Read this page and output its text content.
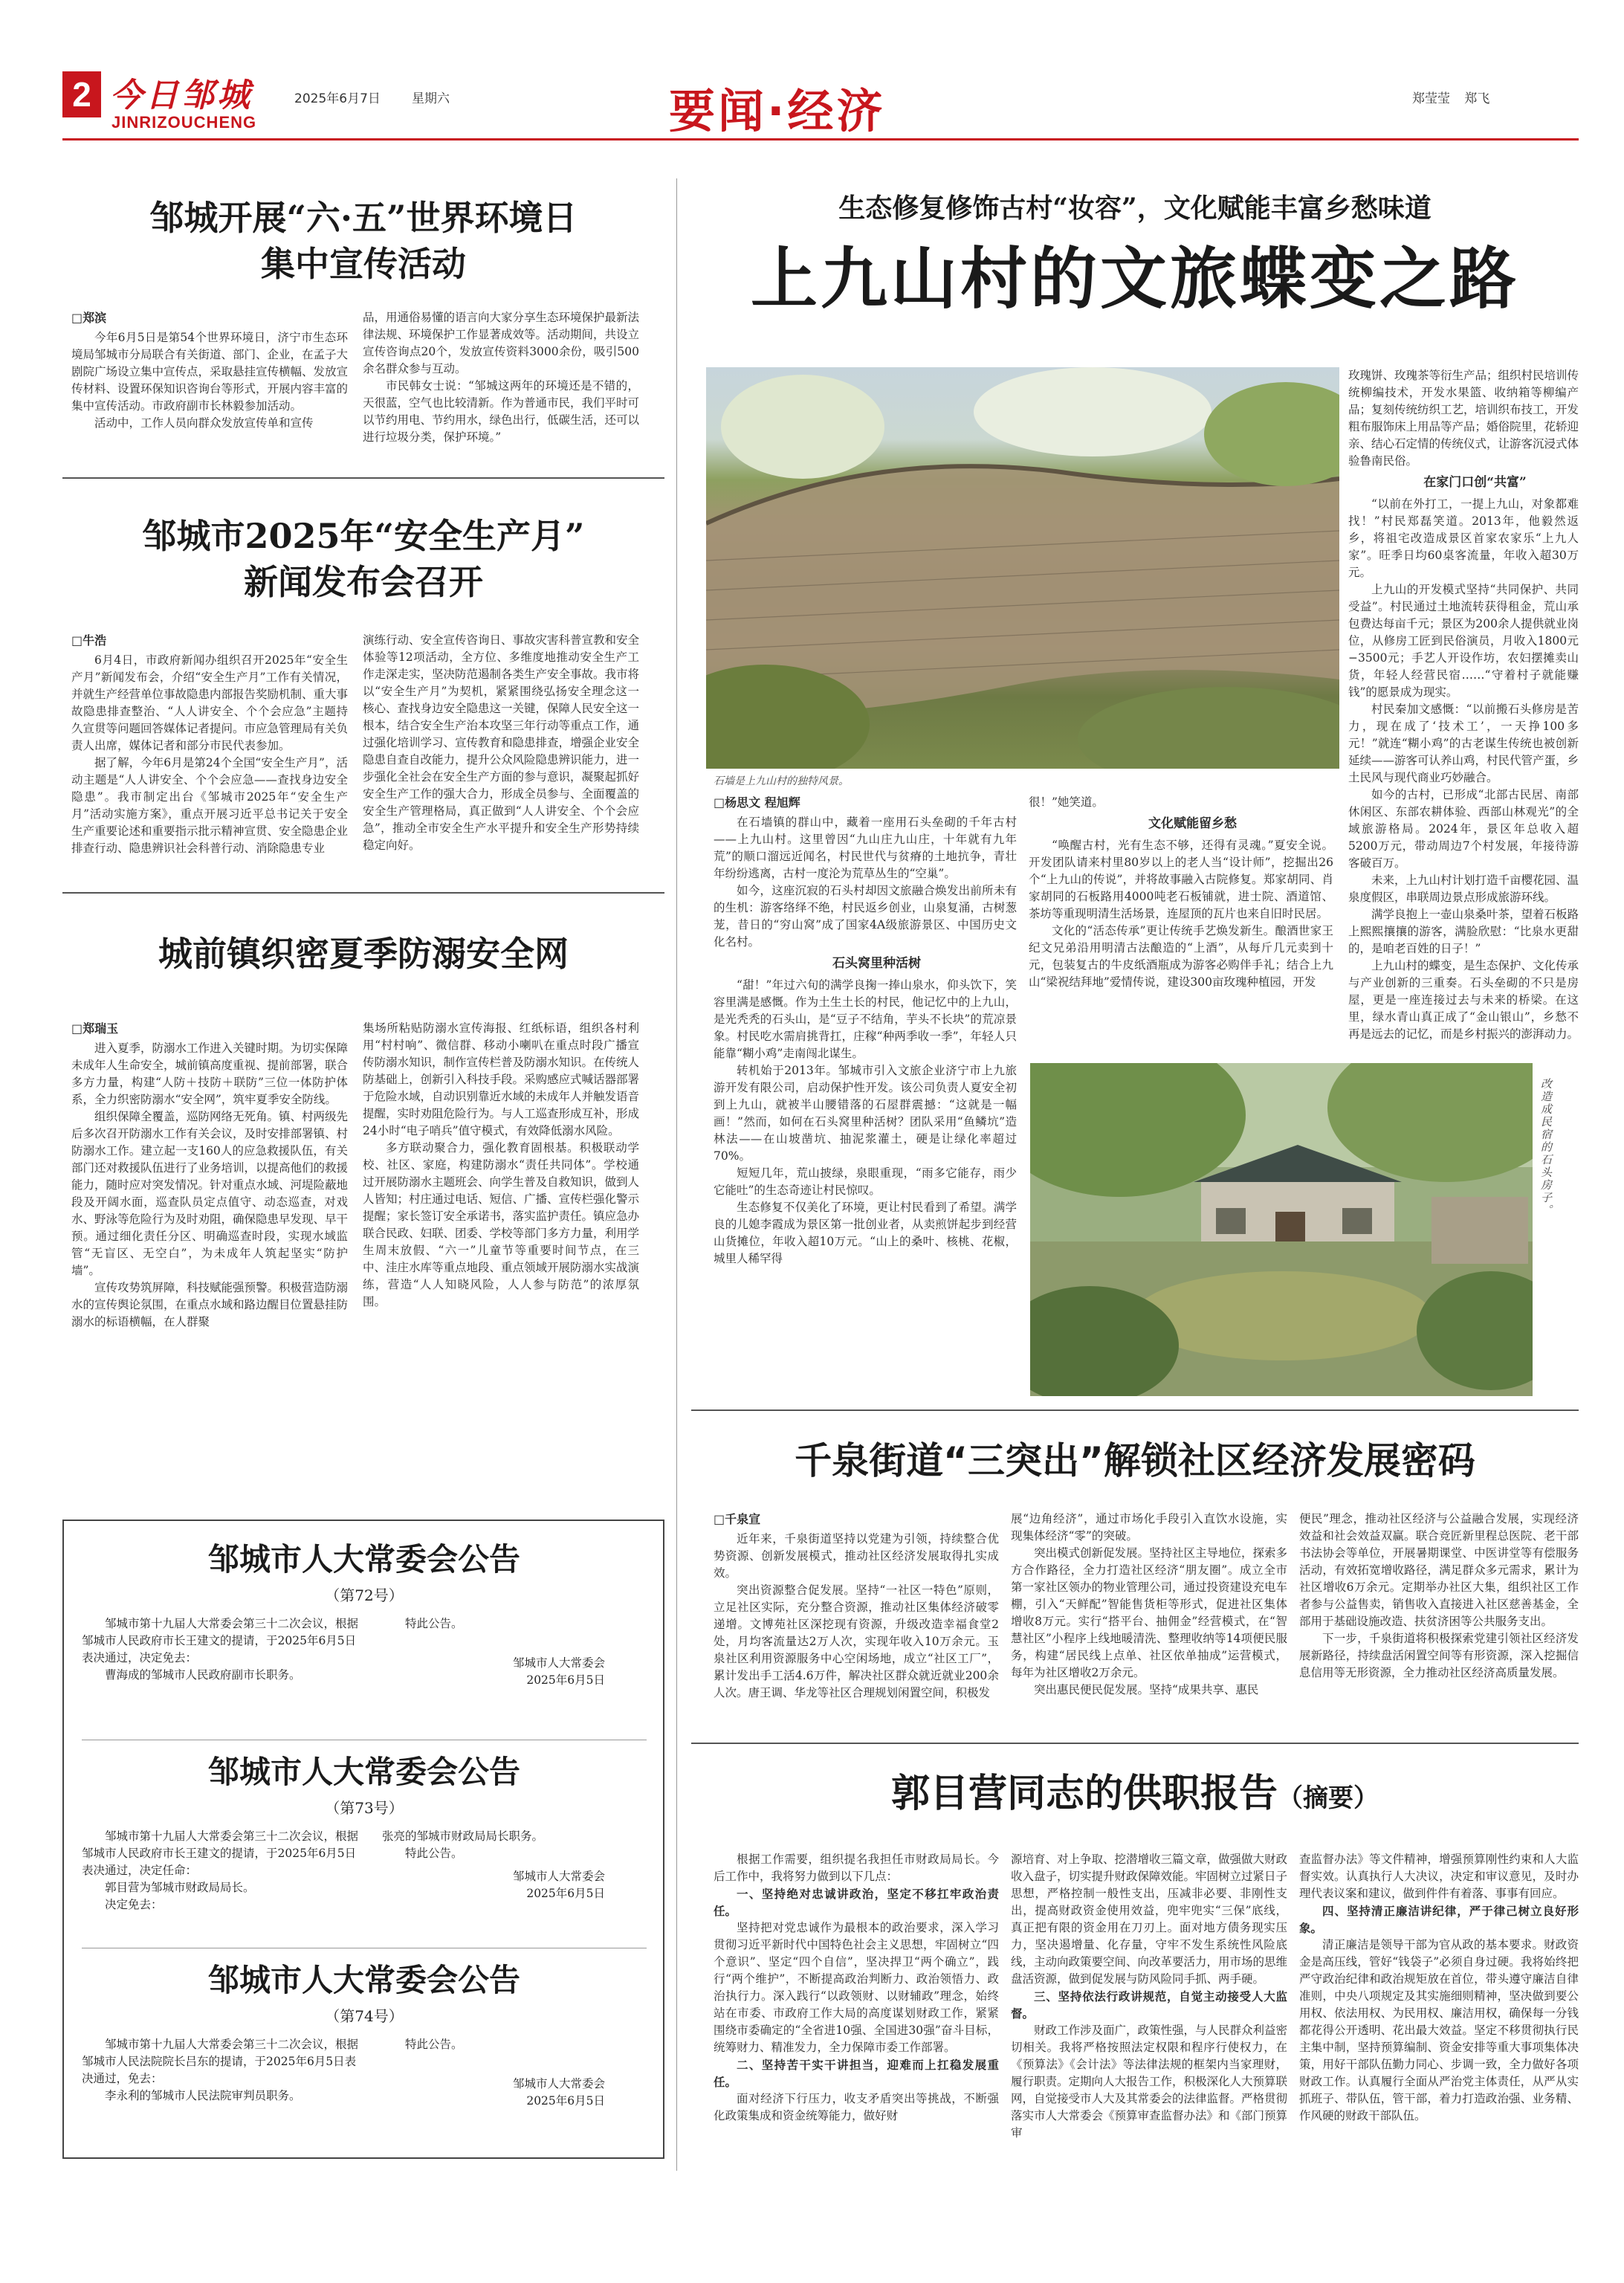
2 今日邹城
JINRIZOUCHENG
2025年6月7日 星期六	要闻·经济	郑莹莹 郑飞
邹城开展“六·五”世界环境日
集中宣传活动
□郑滨

今年6月5日是第54个世界环境日，济宁市生态环境局邹城市分局联合有关街道、部门、企业，在孟子大剧院广场设立集中宣传点，采取悬挂宣传横幅、发放宣传材料、设置环保知识咨询台等形式，开展内容丰富的集中宣传活动。市政府副市长林毅参加活动。

活动中，工作人员向群众发放宣传单和宣传

品，用通俗易懂的语言向大家分享生态环境保护最新法律法规、环境保护工作显著成效等。活动期间，共设立宣传咨询点20个，发放宣传资料3000余份，吸引500余名群众参与互动。

市民韩女士说：“邹城这两年的环境还是不错的，天很蓝，空气也比较清新。作为普通市民，我们平时可以节约用电、节约用水，绿色出行，低碳生活，还可以进行垃圾分类，保护环境。”

邹城市2025年“安全生产月”
新闻发布会召开
□牛浩

6月4日，市政府新闻办组织召开2025年“安全生产月”新闻发布会，介绍“安全生产月”工作有关情况，并就生产经营单位事故隐患内部报告奖励机制、重大事故隐患排查整治、“人人讲安全、个个会应急”主题持久宣贯等问题回答媒体记者提问。市应急管理局有关负责人出席，媒体记者和部分市民代表参加。

据了解，今年6月是第24个全国“安全生产月”，活动主题是“人人讲安全、个个会应急——查找身边安全隐患”。我市制定出台《邹城市2025年“安全生产月”活动实施方案》，重点开展习近平总书记关于安全生产重要论述和重要指示批示精神宣贯、安全隐患企业排查行动、隐患辨识社会科普行动、消除隐患专业

演练行动、安全宣传咨询日、事故灾害科普宣教和安全体验等12项活动，全方位、多维度地推动安全生产工作走深走实，坚决防范遏制各类生产安全事故。我市将以“安全生产月”为契机，紧紧围绕弘扬安全理念这一核心、查找身边安全隐患这一关键，保障人民安全这一根本，结合安全生产治本攻坚三年行动等重点工作，通过强化培训学习、宣传教育和隐患排查，增强企业安全隐患自查自改能力，提升公众风险隐患辨识能力，进一步强化全社会在安全生产方面的参与意识，凝聚起抓好安全生产工作的强大合力，形成全员参与、全面覆盖的安全生产管理格局，真正做到“人人讲安全、个个会应急”，推动全市安全生产水平提升和安全生产形势持续稳定向好。

城前镇织密夏季防溺安全网
□郑瑞玉

进入夏季，防溺水工作进入关键时期。为切实保障未成年人生命安全，城前镇高度重视、提前部署，联合多方力量，构建“人防＋技防＋联防”三位一体防护体系，全力织密防溺水“安全网”，筑牢夏季安全防线。

组织保障全覆盖，巡防网络无死角。镇、村两级先后多次召开防溺水工作有关会议，及时安排部署镇、村防溺水工作。建立起一支160人的应急救援队伍，有关部门还对救援队伍进行了业务培训，以提高他们的救援能力，随时应对突发情况。针对重点水域、河堤险蔽地段及开阔水面，巡查队员定点值守、动态巡查，对戏水、野泳等危险行为及时劝阻，确保隐患早发现、早干预。通过细化责任分区、明确巡查时段，实现水域监管“无盲区、无空白”，为未成年人筑起坚实“防护墙”。

宣传攻势筑屏障，科技赋能强预警。积极营造防溺水的宣传舆论氛围，在重点水域和路边醒目位置悬挂防溺水的标语横幅，在人群聚

集场所粘贴防溺水宣传海报、红纸标语，组织各村利用“村村响”、微信群、移动小喇叭在重点时段广播宣传防溺水知识，制作宣传栏普及防溺水知识。在传统人防基础上，创新引入科技手段。采购感应式喊话器部署于危险水域，自动识别靠近水域的未成年人并触发语音提醒，实时劝阻危险行为。与人工巡查形成互补，形成24小时“电子哨兵”值守模式，有效降低溺水风险。

多方联动聚合力，强化教育固根基。积极联动学校、社区、家庭，构建防溺水“责任共同体”。学校通过开展防溺水主题班会、向学生普及自救知识，做到人人皆知；村庄通过电话、短信、广播、宣传栏强化警示提醒；家长签订安全承诺书，落实监护责任。镇应急办联合民政、妇联、团委、学校等部门多方力量，利用学生周末放假、“六一”儿童节等重要时间节点，在三中、洼庄水库等重点地段、重点领域开展防溺水实战演练，营造“人人知晓风险，人人参与防范”的浓厚氛围。

邹城市人大常委会公告
（第72号）

邹城市第十九届人大常委会第三十二次会议，根据邹城市人民政府市长王建文的提请，于2025年6月5日表决通过，决定免去：

曹海成的邹城市人民政府副市长职务。

特此公告。

邹城市人大常委会

2025年6月5日

邹城市人大常委会公告
（第73号）

邹城市第十九届人大常委会第三十二次会议，根据邹城市人民政府市长王建文的提请，于2025年6月5日表决通过，决定任命：

郭目营为邹城市财政局局长。

决定免去：

张亮的邹城市财政局局长职务。

特此公告。

邹城市人大常委会

2025年6月5日

邹城市人大常委会公告
（第74号）

邹城市第十九届人大常委会第三十二次会议，根据邹城市人民法院院长吕东的提请，于2025年6月5日表决通过，免去：

李永利的邹城市人民法院审判员职务。

特此公告。

邹城市人大常委会

2025年6月5日

生态修复修饰古村“妆容”，文化赋能丰富乡愁味道
上九山村的文旅蝶变之路
石墙是上九山村的独特风景。
□杨思文 程旭辉

在石墙镇的群山中，藏着一座用石头垒砌的千年古村——上九山村。这里曾因“九山庄九山庄，十年就有九年荒”的顺口溜远近闻名，村民世代与贫瘠的土地抗争，青壮年纷纷逃离，古村一度沦为荒草丛生的“空巢”。

如今，这座沉寂的石头村却因文旅融合焕发出前所未有的生机：游客络绎不绝，村民返乡创业，山泉复涌，古树葱茏，昔日的“穷山窝”成了国家4A级旅游景区、中国历史文化名村。

石头窝里种活树

“甜！”年过六旬的满学良掬一捧山泉水，仰头饮下，笑容里满是感慨。作为土生土长的村民，他记忆中的上九山，是光秃秃的石头山，是“豆子不结角，芋头不长块”的荒凉景象。村民吃水需肩挑背扛，庄稼“种两季收一季”，年轻人只能靠“糊小鸡”走南闯北谋生。

转机始于2013年。邹城市引入文旅企业济宁市上九旅游开发有限公司，启动保护性开发。该公司负责人夏安全初到上九山，就被半山腰错落的石屋群震撼：“这就是一幅画！”然而，如何在石头窝里种活树？团队采用“鱼鳞坑”造林法——在山坡凿坑、抽泥浆灌土，硬是让绿化率超过70%。

短短几年，荒山披绿，泉眼重现，“雨多它能存，雨少它能吐”的生态奇迹让村民惊叹。

生态修复不仅美化了环境，更让村民看到了希望。满学良的儿媳李霞成为景区第一批创业者，从卖煎饼起步到经营山货摊位，年收入超10万元。“山上的桑叶、核桃、花椒，城里人稀罕得

很！”她笑道。

文化赋能留乡愁

“唤醒古村，光有生态不够，还得有灵魂。”夏安全说。开发团队请来村里80岁以上的老人当“设计师”，挖掘出26个“上九山的传说”，并将故事融入古院修复。郑家胡同、肖家胡同的石板路用4000吨老石板铺就，进士院、酒道馆、茶坊等重现明清生活场景，连屋顶的瓦片也来自旧时民居。

文化的“活态传承”更让传统手艺焕发新生。酿酒世家王纪文兄弟沿用明清古法酿造的“上酒”，从每斤几元卖到十元，包装复古的牛皮纸酒瓶成为游客必购伴手礼；结合上九山“梁祝结拜地”爱情传说，建设300亩玫瑰种植园，开发

玫瑰饼、玫瑰茶等衍生产品；组织村民培训传统柳编技术，开发水果篮、收纳箱等柳编产品；复刻传统纺织工艺，培训织布技工，开发粗布服饰床上用品等产品；婚俗院里，花轿迎亲、结心石定情的传统仪式，让游客沉浸式体验鲁南民俗。

在家门口创“共富”

“以前在外打工，一提上九山，对象都难找！”村民郑磊笑道。2013年，他毅然返乡，将祖宅改造成景区首家农家乐“上九人家”。旺季日均60桌客流量，年收入超30万元。

上九山的开发模式坚持“共同保护、共同受益”。村民通过土地流转获得租金，荒山承包费达每亩千元；景区为200余人提供就业岗位，从修房工匠到民俗演员，月收入1800元−3500元；手艺人开设作坊，农妇摆摊卖山货，年轻人经营民宿……“守着村子就能赚钱”的愿景成为现实。

村民秦加文感慨：“以前搬石头修房是苦力，现在成了‘技术工’，一天挣100多元！”就连“糊小鸡”的古老谋生传统也被创新延续——游客可认养山鸡，村民代管产蛋，乡土民风与现代商业巧妙融合。

如今的古村，已形成“北部古民居、南部休闲区、东部农耕体验、西部山林观光”的全域旅游格局。2024年，景区年总收入超5200万元，带动周边7个村发展，年接待游客破百万。

未来，上九山村计划打造千亩樱花园、温泉度假区，串联周边景点形成旅游环线。

满学良抱上一壶山泉桑叶茶，望着石板路上熙熙攘攘的游客，满脸欣慰：“比泉水更甜的，是咱老百姓的日子！”

上九山村的蝶变，是生态保护、文化传承与产业创新的三重奏。石头垒砌的不只是房屋，更是一座连接过去与未来的桥梁。在这里，绿水青山真正成了“金山银山”，乡愁不再是远去的记忆，而是乡村振兴的澎湃动力。

改造成民宿的石头房子。
千泉街道“三突出”解锁社区经济发展密码
□千泉宣

近年来，千泉街道坚持以党建为引领，持续整合优势资源、创新发展模式，推动社区经济发展取得扎实成效。

突出资源整合促发展。坚持“一社区一特色”原则，立足社区实际，充分整合资源，推动社区集体经济破零递增。文博苑社区深挖现有资源，升级改造幸福食堂2处，月均客流量达2万人次，实现年收入10万余元。玉泉社区利用资源服务中心空闲场地，成立“社区工厂”，累计发出手工活4.6万件，解决社区群众就近就业200余人次。唐王调、华龙等社区合理规划闲置空间，积极发

展“边角经济”，通过市场化手段引入直饮水设施，实现集体经济“零”的突破。

突出模式创新促发展。坚持社区主导地位，探索多方合作路径，全力打造社区经济“朋友圈”。成立全市第一家社区领办的物业管理公司，通过投资建设充电车棚，引入“天鲜配”智能售货柜等形式，促进社区集体增收8万元。实行“搭平台、抽佣金”经营模式，在“智慧社区”小程序上线地暖清洗、整理收纳等14项便民服务，构建“居民线上点单、社区依单抽成”运营模式，每年为社区增收2万余元。

突出惠民便民促发展。坚持“成果共享、惠民

便民”理念，推动社区经济与公益融合发展，实现经济效益和社会效益双赢。联合竞匠新里程总医院、老干部书法协会等单位，开展暑期课堂、中医讲堂等有偿服务活动，有效拓宽增收路径，满足群众多元需求，累计为社区增收6万余元。定期举办社区大集，组织社区工作者参与公益售卖，销售收入直接进入社区慈善基金，全部用于基础设施改造、扶贫济困等公共服务支出。

下一步，千泉街道将积极探索党建引领社区经济发展新路径，持续盘活闲置空间等有形资源，深入挖掘信息信用等无形资源，全力推动社区经济高质量发展。

郭目营同志的供职报告（摘要）

根据工作需要，组织提名我担任市财政局局长。今后工作中，我将努力做到以下几点：

一、坚持绝对忠诚讲政治，坚定不移扛牢政治责任。

坚持把对党忠诚作为最根本的政治要求，深入学习贯彻习近平新时代中国特色社会主义思想，牢固树立“四个意识”、坚定“四个自信”，坚决捍卫“两个确立”，践行“两个维护”，不断提高政治判断力、政治领悟力、政治执行力。深入践行“以政领财、以财辅政”理念，始终站在市委、市政府工作大局的高度谋划财政工作，紧紧围绕市委确定的“全省进10强、全国进30强”奋斗目标，统筹财力、精准发力，全力保障市委工作部署。

二、坚持苦干实干讲担当，迎难而上扛稳发展重任。

面对经济下行压力，收支矛盾突出等挑战，不断强化政策集成和资金统筹能力，做好财

源培育、对上争取、挖潜增收三篇文章，做强做大财政收入盘子，切实提升财政保障效能。牢固树立过紧日子思想，严格控制一般性支出，压减非必要、非刚性支出，提高财政资金使用效益，兜牢兜实“三保”底线，真正把有限的资金用在刀刃上。面对地方债务现实压力，坚决遏增量、化存量，守牢不发生系统性风险底线，主动向政策要空间、向改革要活力，用市场的思维盘活资源，做到促发展与防风险同手抓、两手硬。

三、坚持依法行政讲规范，自觉主动接受人大监督。

财政工作涉及面广，政策性强，与人民群众利益密切相关。我将严格按照法定权限和程序行使权力，在《预算法》《会计法》等法律法规的框架内当家理财，履行职责。定期向人大报告工作，积极深化人大预算联网，自觉接受市人大及其常委会的法律监督。严格贯彻落实市人大常委会《预算审查监督办法》和《部门预算审

查监督办法》等文件精神，增强预算刚性约束和人大监督实效。认真执行人大决议，决定和审议意见，及时办理代表议案和建议，做到件件有着落、事事有回应。

四、坚持清正廉洁讲纪律，严于律己树立良好形象。

清正廉洁是领导干部为官从政的基本要求。财政资金是高压线，管好“钱袋子”必须自身过硬。我将始终把严守政治纪律和政治规矩放在首位，带头遵守廉洁自律准则，中央八项规定及其实施细则精神，坚决做到要公用权、依法用权、为民用权、廉洁用权，确保每一分钱都花得公开透明、花出最大效益。坚定不移贯彻执行民主集中制，坚持预算编制、资金安排等重大事项集体决策，用好干部队伍勤力同心、步调一致，全力做好各项财政工作。认真履行全面从严治党主体责任，从严从实抓班子、带队伍，管干部，着力打造政治强、业务精、作风硬的财政干部队伍。
